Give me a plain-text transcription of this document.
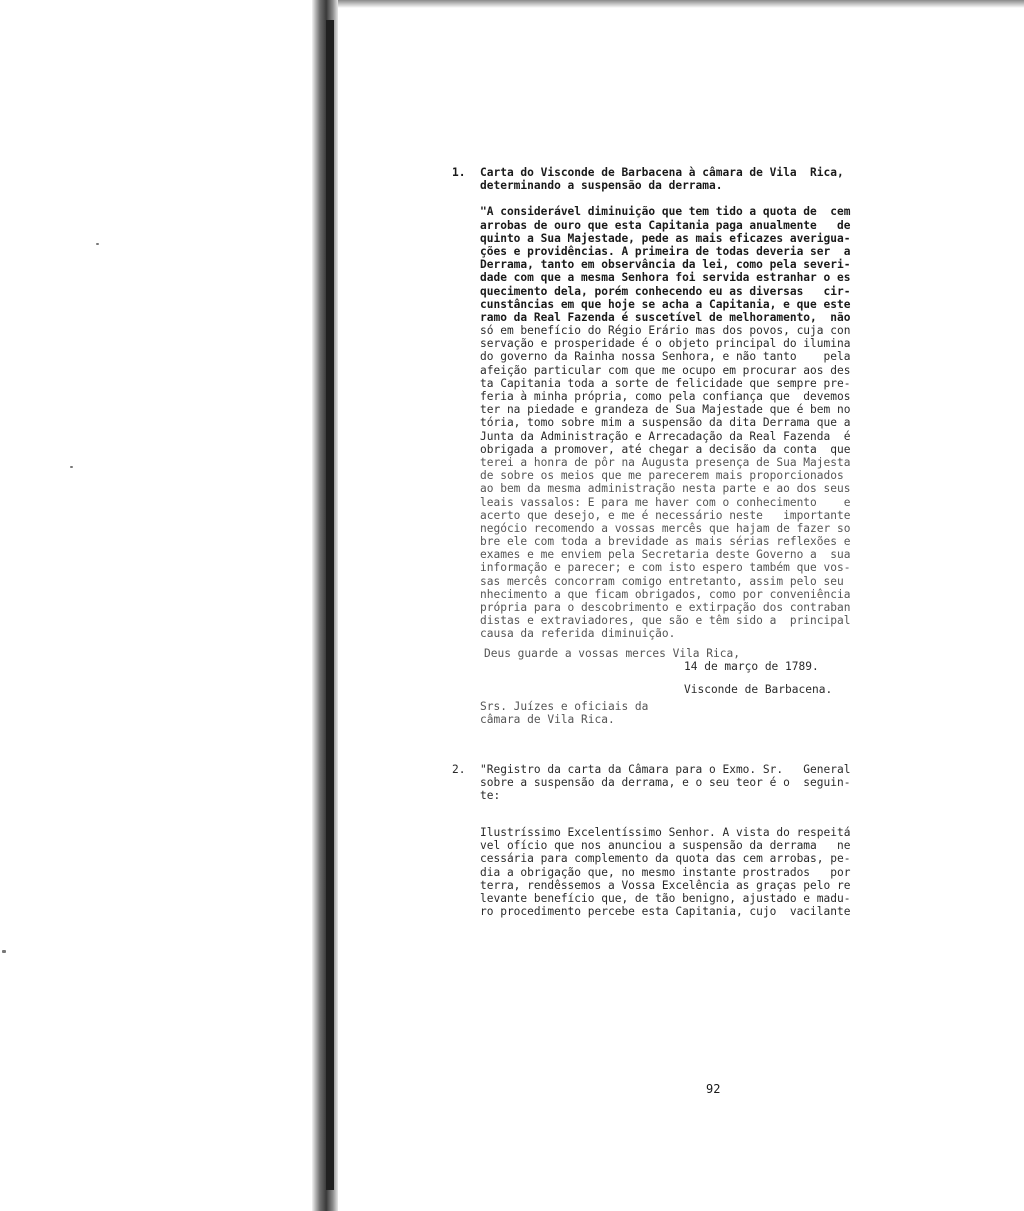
1. Carta do Visconde de Barbacena à câmara de Vila  Rica,
determinando a suspensão da derrama.
"A considerável diminuição que tem tido a quota de  cem
arrobas de ouro que esta Capitania paga anualmente   de
quinto a Sua Majestade, pede as mais eficazes averigua-
ções e providências. A primeira de todas deveria ser  a
Derrama, tanto em observância da lei, como pela severi-
dade com que a mesma Senhora foi servida estranhar o es
quecimento dela, porém conhecendo eu as diversas   cir-
cunstâncias em que hoje se acha a Capitania, e que este
ramo da Real Fazenda é suscetível de melhoramento,  não
só em benefício do Régio Erário mas dos povos, cuja con
servação e prosperidade é o objeto principal do ilumina
do governo da Rainha nossa Senhora, e não tanto    pela
afeição particular com que me ocupo em procurar aos des
ta Capitania toda a sorte de felicidade que sempre pre-
feria à minha própria, como pela confiança que  devemos
ter na piedade e grandeza de Sua Majestade que é bem no
tória, tomo sobre mim a suspensão da dita Derrama que a
Junta da Administração e Arrecadação da Real Fazenda  é
obrigada a promover, até chegar a decisão da conta  que
terei a honra de pôr na Augusta presença de Sua Majesta
de sobre os meios que me parecerem mais proporcionados
ao bem da mesma administração nesta parte e ao dos seus
leais vassalos: E para me haver com o conhecimento    e
acerto que desejo, e me é necessário neste   importante
negócio recomendo a vossas mercês que hajam de fazer so
bre ele com toda a brevidade as mais sérias reflexões e
exames e me enviem pela Secretaria deste Governo a  sua
informação e parecer; e com isto espero também que vos-
sas mercês concorram comigo entretanto, assim pelo seu
nhecimento a que ficam obrigados, como por conveniência
própria para o descobrimento e extirpação dos contraban
distas e extraviadores, que são e têm sido a  principal
causa da referida diminuição.
Deus guarde a vossas merces Vila Rica,
14 de março de 1789.
Visconde de Barbacena.
Srs. Juízes e oficiais da
câmara de Vila Rica.
2. "Registro da carta da Câmara para o Exmo. Sr.   General
sobre a suspensão da derrama, e o seu teor é o  seguin-
te:
Ilustríssimo Excelentíssimo Senhor. A vista do respeitá
vel ofício que nos anunciou a suspensão da derrama   ne
cessária para complemento da quota das cem arrobas, pe-
dia a obrigação que, no mesmo instante prostrados   por
terra, rendêssemos a Vossa Excelência as graças pelo re
levante benefício que, de tão benigno, ajustado e madu-
ro procedimento percebe esta Capitania, cujo  vacilante
92
